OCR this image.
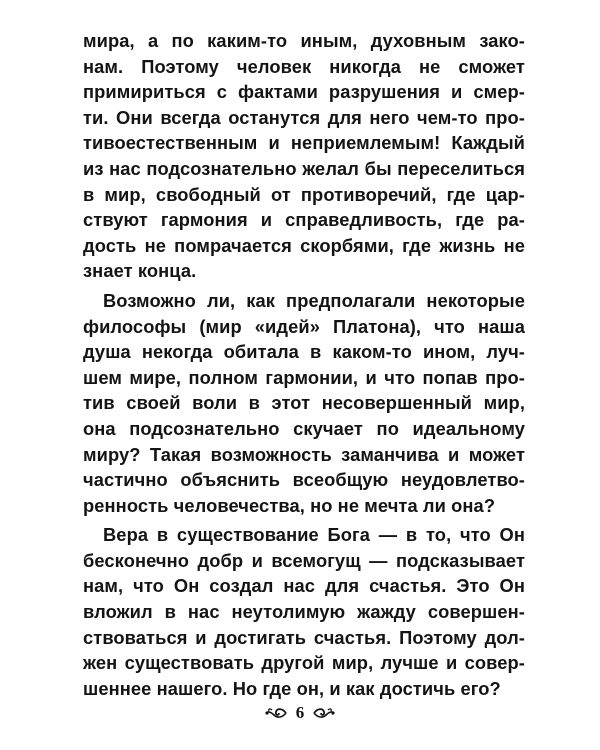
мира, а по каким-то иным, духовным зако-
нам. Поэтому человек никогда не сможет
примириться с фактами разрушения и смер-
ти. Они всегда останутся для него чем-то про-
тивоестественным и неприемлемым! Каждый
из нас подсознательно желал бы переселиться
в мир, свободный от противоречий, где цар-
ствуют гармония и справедливость, где ра-
дость не помрачается скорбями, где жизнь не
знает конца.
Возможно ли, как предполагали некоторые
философы (мир «идей» Платона), что наша
душа некогда обитала в каком-то ином, луч-
шем мире, полном гармонии, и что попав про-
тив своей воли в этот несовершенный мир,
она подсознательно скучает по идеальному
миру? Такая возможность заманчива и может
частично объяснить всеобщую неудовлетво-
ренность человечества, но не мечта ли она?
Вера в существование Бога — в то, что Он
бесконечно добр и всемогущ — подсказывает
нам, что Он создал нас для счастья. Это Он
вложил в нас неутолимую жажду совершен-
ствоваться и достигать счастья. Поэтому дол-
жен существовать другой мир, лучше и совер-
шеннее нашего. Но где он, и как достичь его?
6
